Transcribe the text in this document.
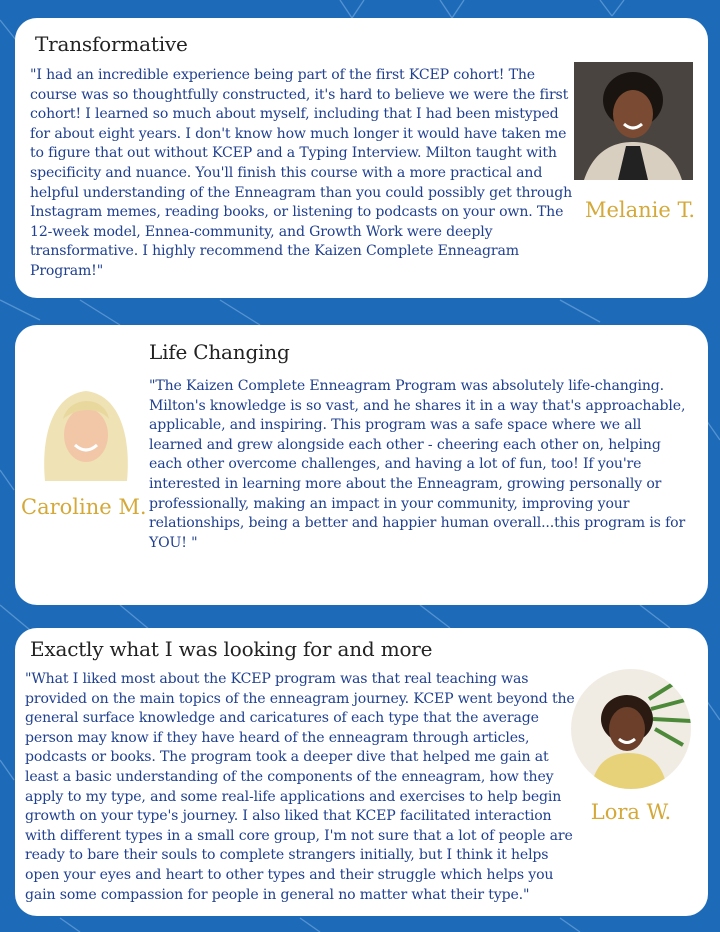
Transformative
"I had an incredible experience being part of the first KCEP cohort! The course was so thoughtfully constructed, it's hard to believe we were the first cohort! I learned so much about myself, including that I had been mistyped for about eight years. I don't know how much longer it would have taken me to figure that out without KCEP and a Typing Interview. Milton taught with specificity and nuance. You'll finish this course with a more practical and helpful understanding of the Enneagram than you could possibly get through Instagram memes, reading books, or listening to podcasts on your own. The 12-week model, Ennea-community, and Growth Work were deeply transformative. I highly recommend the Kaizen Complete Enneagram Program!"
Melanie T.
Life Changing
"The Kaizen Complete Enneagram Program was absolutely life-changing. Milton's knowledge is so vast, and he shares it in a way that's approachable, applicable, and inspiring. This program was a safe space where we all learned and grew alongside each other - cheering each other on, helping each other overcome challenges, and having a lot of fun, too! If you're interested in learning more about the Enneagram, growing personally or professionally, making an impact in your community, improving your relationships, being a better and happier human overall...this program is for YOU! "
Caroline M.
Exactly what I was looking for and more
"What I liked most about the KCEP program was that real teaching was provided on the main topics of the enneagram journey. KCEP went beyond the general surface knowledge and caricatures of each type that the average person may know if they have heard of the enneagram through articles, podcasts or books. The program took a deeper dive that helped me gain at least a basic understanding of the components of the enneagram, how they apply to my type, and some real-life applications and exercises to help begin growth on your type's journey. I also liked that KCEP facilitated interaction with different types in a small core group, I'm not sure that a lot of people are ready to bare their souls to complete strangers initially, but I think it helps open your eyes and heart to other types and their struggle which helps you gain some compassion for people in general no matter what their type."
Lora W.
